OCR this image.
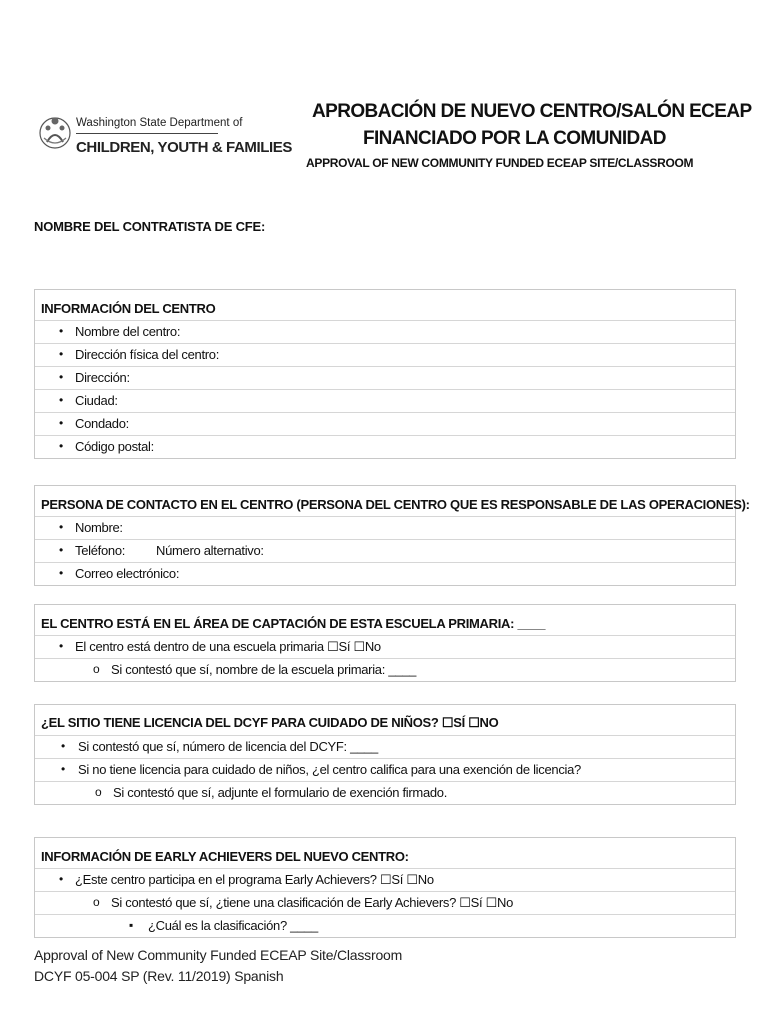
Washington State Department of
CHILDREN, YOUTH & FAMILIES
APROBACIÓN DE NUEVO CENTRO/SALÓN ECEAP
FINANCIADO POR LA COMUNIDAD
APPROVAL OF NEW COMMUNITY FUNDED ECEAP SITE/CLASSROOM
NOMBRE DEL CONTRATISTA DE CFE:
INFORMACIÓN DEL CENTRO
• Nombre del centro:
• Dirección física del centro:
• Dirección:
• Ciudad:
• Condado:
• Código postal:
PERSONA DE CONTACTO EN EL CENTRO (PERSONA DEL CENTRO QUE ES RESPONSABLE DE LAS OPERACIONES):
• Nombre:
• Teléfono: Número alternativo:
• Correo electrónico:
EL CENTRO ESTÁ EN EL ÁREA DE CAPTACIÓN DE ESTA ESCUELA PRIMARIA: ____
• El centro está dentro de una escuela primaria ☐Sí ☐No
o Si contestó que sí, nombre de la escuela primaria: ____
¿EL SITIO TIENE LICENCIA DEL DCYF PARA CUIDADO DE NIÑOS? ☐SÍ ☐NO
• Si contestó que sí, número de licencia del DCYF: ____
• Si no tiene licencia para cuidado de niños, ¿el centro califica para una exención de licencia?
o Si contestó que sí, adjunte el formulario de exención firmado.
INFORMACIÓN DE EARLY ACHIEVERS DEL NUEVO CENTRO:
• ¿Este centro participa en el programa Early Achievers? ☐Sí ☐No
o Si contestó que sí, ¿tiene una clasificación de Early Achievers? ☐Sí ☐No
▪ ¿Cuál es la clasificación? ____
Approval of New Community Funded ECEAP Site/Classroom
DCYF 05-004 SP (Rev. 11/2019) Spanish
